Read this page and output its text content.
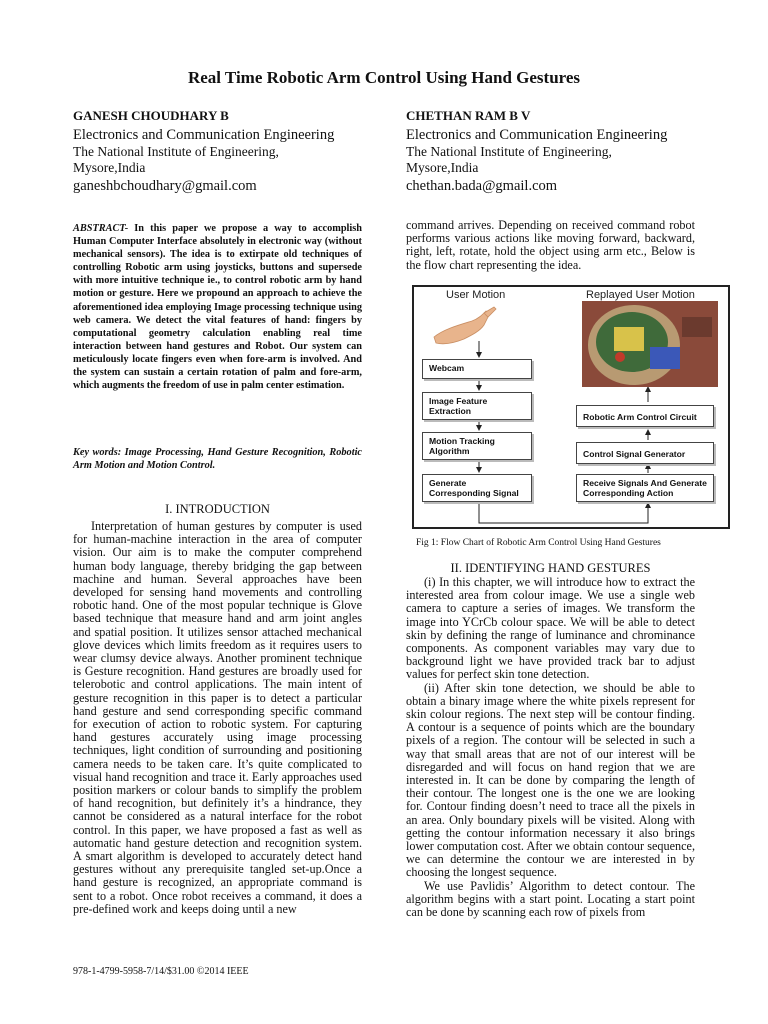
Real Time Robotic Arm Control Using Hand Gestures
GANESH CHOUDHARY B
Electronics and Communication Engineering
The National Institute of Engineering,
Mysore,India
ganeshbchoudhary@gmail.com
CHETHAN RAM B V
Electronics and Communication Engineering
The National Institute of Engineering,
Mysore,India
chethan.bada@gmail.com
ABSTRACT- In this paper we propose a way to accomplish Human Computer Interface absolutely in electronic way (without mechanical sensors). The idea is to extirpate old techniques of controlling Robotic arm using joysticks, buttons and supersede with more intuitive technique ie., to control robotic arm by hand motion or gesture. Here we propound an approach to achieve the aforementioned idea employing Image processing technique using web camera. We detect the vital features of hand: fingers by computational geometry calculation enabling real time interaction between hand gestures and Robot. Our system can meticulously locate fingers even when fore-arm is involved. And the system can sustain a certain rotation of palm and fore-arm, which augments the freedom of use in palm center estimation.
Key words: Image Processing, Hand Gesture Recognition, Robotic Arm Motion and Motion Control.
I. INTRODUCTION

Interpretation of human gestures by computer is used for human-machine interaction in the area of computer vision. Our aim is to make the computer comprehend human body language, thereby bridging the gap between machine and human. Several approaches have been developed for sensing hand movements and controlling robotic hand. One of the most popular technique is Glove based technique that measure hand and arm joint angles and spatial position. It utilizes sensor attached mechanical glove devices which limits freedom as it requires users to wear clumsy device always. Another prominent technique is Gesture recognition. Hand gestures are broadly used for telerobotic and control applications. The main intent of gesture recognition in this paper is to detect a particular hand gesture and send corresponding specific command for execution of action to robotic system. For capturing hand gestures accurately using image processing techniques, light condition of surrounding and positioning camera needs to be taken care. It’s quite complicated to visual hand recognition and trace it. Early approaches used position markers or colour bands to simplify the problem of hand recognition, but definitely it’s a hindrance, they cannot be considered as a natural interface for the robot control. In this paper, we have proposed a fast as well as automatic hand gesture detection and recognition system. A smart algorithm is developed to accurately detect hand gestures without any prerequisite tangled set-up.Once a hand gesture is recognized, an appropriate command is sent to a robot. Once robot receives a command, it does a pre-defined work and keeps doing until a new

command arrives. Depending on received command robot performs various actions like moving forward, backward, right, left, rotate, hold the object using arm etc., Below is the flow chart representing the idea.

User Motion	Replayed User Motion
Webcam
Image Feature Extraction
Motion Tracking Algorithm
Generate Corresponding Signal
Robotic Arm Control Circuit
Control Signal Generator
Receive Signals And Generate Corresponding Action
Fig 1: Flow Chart of Robotic Arm Control Using Hand Gestures
II. IDENTIFYING HAND GESTURES

(i) In this chapter, we will introduce how to extract the interested area from colour image. We use a single web camera to capture a series of images. We transform the image into YCrCb colour space. We will be able to detect skin by defining the range of luminance and chrominance components. As component variables may vary due to background light we have provided track bar to adjust values for perfect skin tone detection.

(ii) After skin tone detection, we should be able to obtain a binary image where the white pixels represent for skin colour regions. The next step will be contour finding. A contour is a sequence of points which are the boundary pixels of a region. The contour will be selected in such a way that small areas that are not of our interest will be disregarded and will focus on hand region that we are interested in. It can be done by comparing the length of their contour. The longest one is the one we are looking for. Contour finding doesn’t need to trace all the pixels in an area. Only boundary pixels will be visited. Along with getting the contour information necessary it also brings lower computation cost. After we obtain contour sequence, we can determine the contour we are interested in by choosing the longest sequence.

We use Pavlidis’ Algorithm to detect contour. The algorithm begins with a start point. Locating a start point can be done by scanning each row of pixels from

978-1-4799-5958-7/14/$31.00 ©2014 IEEE
